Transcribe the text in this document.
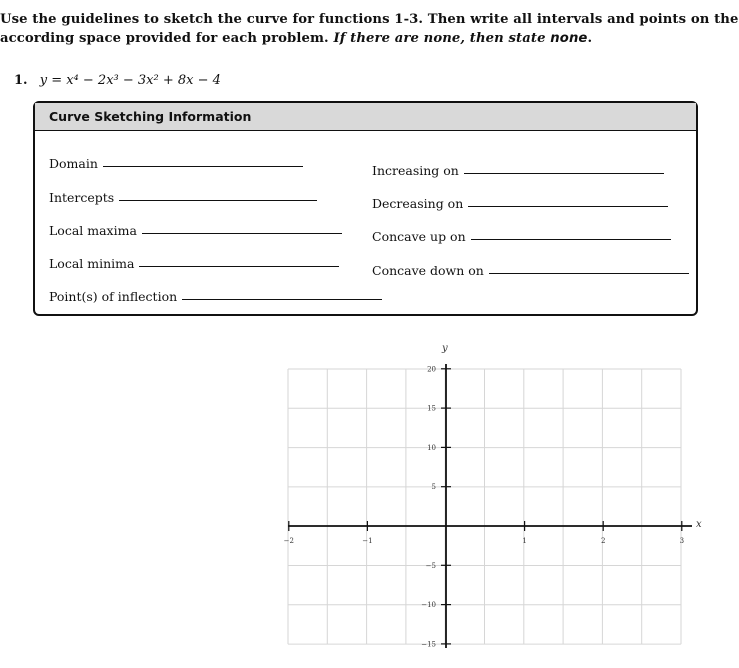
Use the guidelines to sketch the curve for functions 1-3. Then write all intervals and points on the
according space provided for each problem. If there are none, then state none.
1. y = x⁴ − 2x³ − 3x² + 8x − 4
Curve Sketching Information
Domain
Intercepts
Local maxima
Local minima
Point(s) of inflection
Increasing on
Decreasing on
Concave up on
Concave down on
−2	−1	1	2	3
20
15
10
5
−5
−10
−15
y
x
